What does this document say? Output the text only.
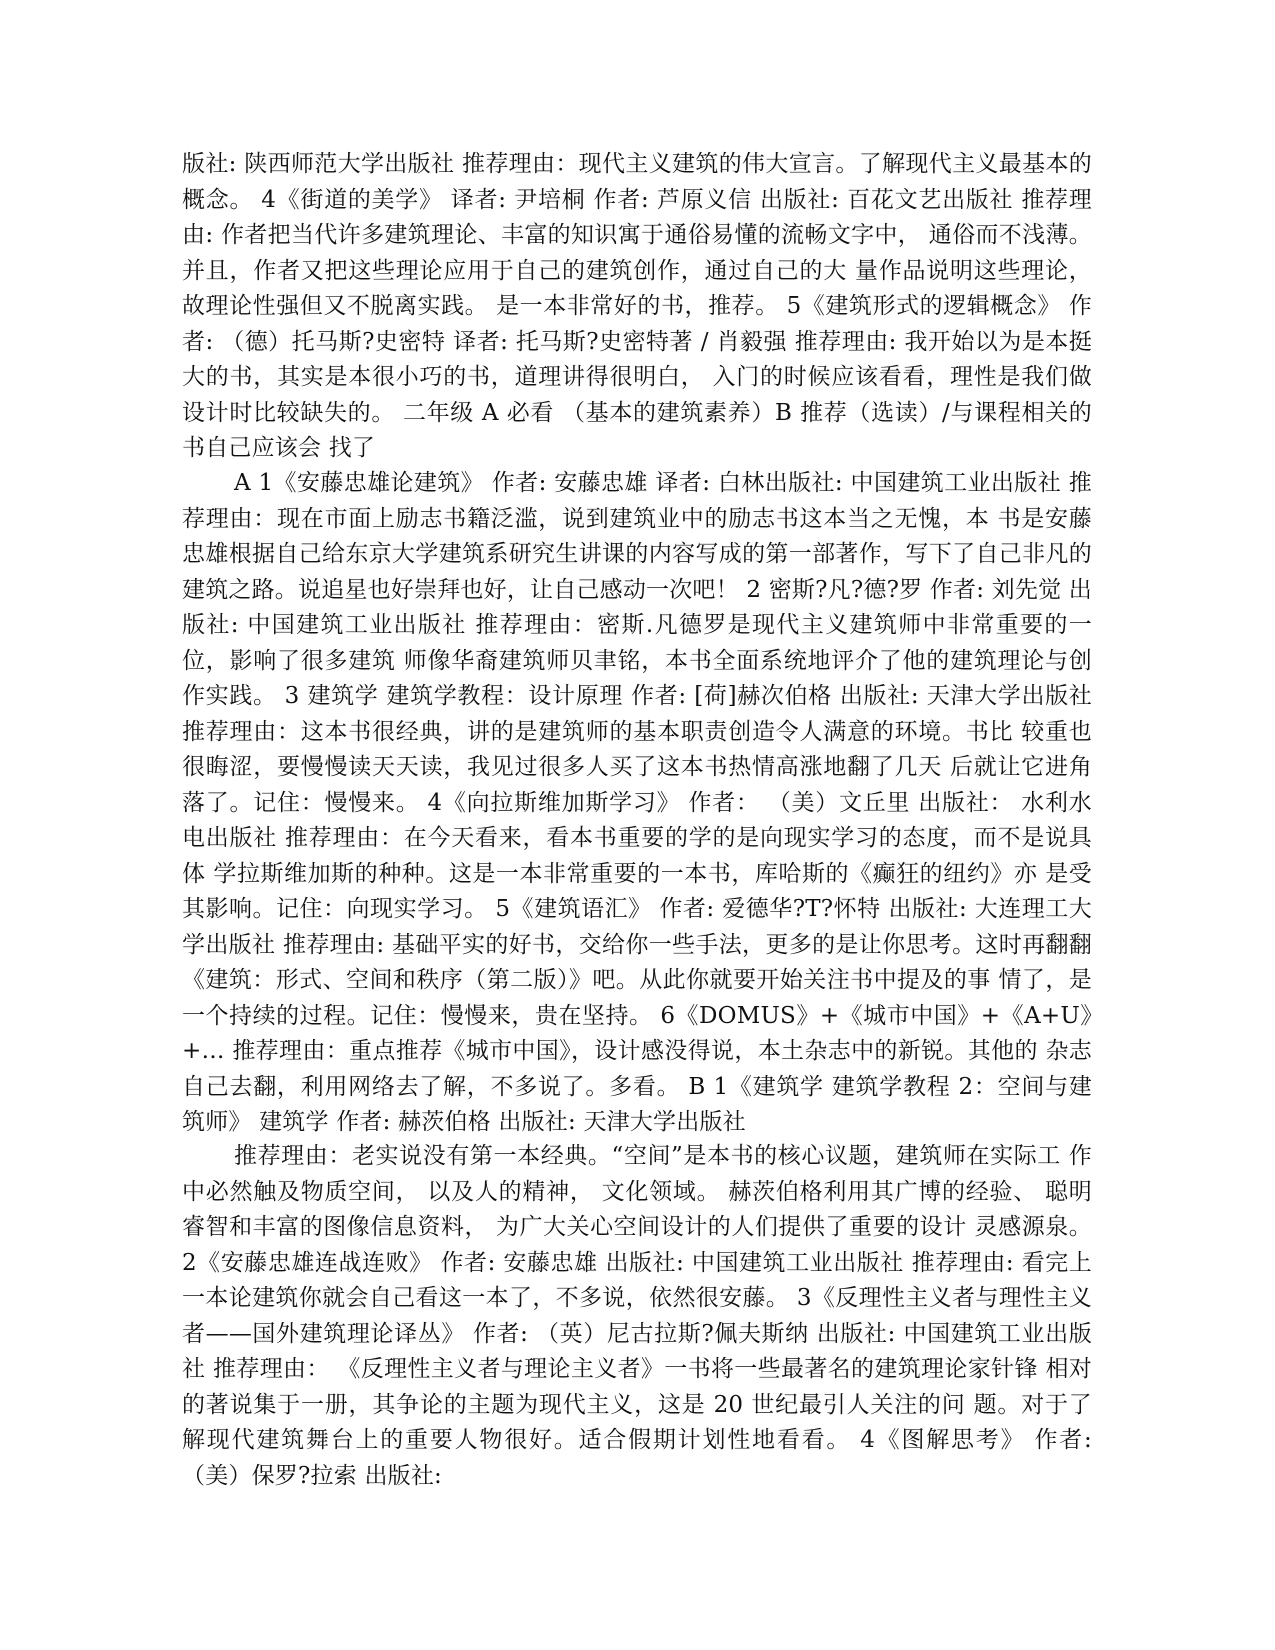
版社: 陕西师范大学出版社 推荐理由：现代主义建筑的伟大宣言。了解现代主义最基本的概念。 4《街道的美学》 译者: 尹培桐 作者: 芦原义信 出版社: 百花文艺出版社 推荐理由: 作者把当代许多建筑理论、丰富的知识寓于通俗易懂的流畅文字中， 通俗而不浅薄。并且，作者又把这些理论应用于自己的建筑创作，通过自己的大 量作品说明这些理论，故理论性强但又不脱离实践。 是一本非常好的书，推荐。 5《建筑形式的逻辑概念》 作者: （德）托马斯?史密特 译者: 托马斯?史密特著 / 肖毅强 推荐理由: 我开始以为是本挺大的书，其实是本很小巧的书，道理讲得很明白， 入门的时候应该看看，理性是我们做设计时比较缺失的。 二年级 A 必看 （基本的建筑素养）B 推荐（选读）/与课程相关的书自己应该会 找了

A 1《安藤忠雄论建筑》 作者: 安藤忠雄 译者: 白林出版社: 中国建筑工业出版社 推荐理由：现在市面上励志书籍泛滥，说到建筑业中的励志书这本当之无愧，本 书是安藤忠雄根据自己给东京大学建筑系研究生讲课的内容写成的第一部著作，写下了自己非凡的建筑之路。说追星也好崇拜也好，让自己感动一次吧！ 2 密斯?凡?德?罗 作者: 刘先觉 出版社: 中国建筑工业出版社 推荐理由：密斯.凡德罗是现代主义建筑师中非常重要的一位，影响了很多建筑 师像华裔建筑师贝聿铭，本书全面系统地评介了他的建筑理论与创作实践。 3 建筑学 建筑学教程：设计原理 作者: [荷]赫次伯格 出版社: 天津大学出版社 推荐理由：这本书很经典，讲的是建筑师的基本职责创造令人满意的环境。书比 较重也很晦涩，要慢慢读天天读，我见过很多人买了这本书热情高涨地翻了几天 后就让它进角落了。记住：慢慢来。 4《向拉斯维加斯学习》 作者： （美）文丘里 出版社： 水利水电出版社 推荐理由：在今天看来，看本书重要的学的是向现实学习的态度，而不是说具体 学拉斯维加斯的种种。这是一本非常重要的一本书，库哈斯的《癫狂的纽约》亦 是受其影响。记住：向现实学习。 5《建筑语汇》 作者: 爱德华?T?怀特 出版社: 大连理工大学出版社 推荐理由: 基础平实的好书，交给你一些手法，更多的是让你思考。这时再翻翻 《建筑：形式、空间和秩序（第二版）》吧。从此你就要开始关注书中提及的事 情了，是一个持续的过程。记住：慢慢来，贵在坚持。 6《DOMUS》+《城市中国》+《A+U》+… 推荐理由：重点推荐《城市中国》，设计感没得说，本土杂志中的新锐。其他的 杂志自己去翻，利用网络去了解，不多说了。多看。 B 1《建筑学 建筑学教程 2：空间与建筑师》 建筑学 作者: 赫茨伯格 出版社: 天津大学出版社

推荐理由：老实说没有第一本经典。“空间”是本书的核心议题，建筑师在实际工 作中必然触及物质空间， 以及人的精神， 文化领域。 赫茨伯格利用其广博的经验、 聪明睿智和丰富的图像信息资料， 为广大关心空间设计的人们提供了重要的设计 灵感源泉。 2《安藤忠雄连战连败》 作者: 安藤忠雄 出版社: 中国建筑工业出版社 推荐理由: 看完上一本论建筑你就会自己看这一本了，不多说，依然很安藤。 3《反理性主义者与理性主义者——国外建筑理论译丛》 作者: （英）尼古拉斯?佩夫斯纳 出版社: 中国建筑工业出版社 推荐理由： 《反理性主义者与理论主义者》一书将一些最著名的建筑理论家针锋 相对的著说集于一册，其争论的主题为现代主义，这是 20 世纪最引人关注的问 题。对于了解现代建筑舞台上的重要人物很好。适合假期计划性地看看。 4《图解思考》 作者: （美）保罗?拉索 出版社:
